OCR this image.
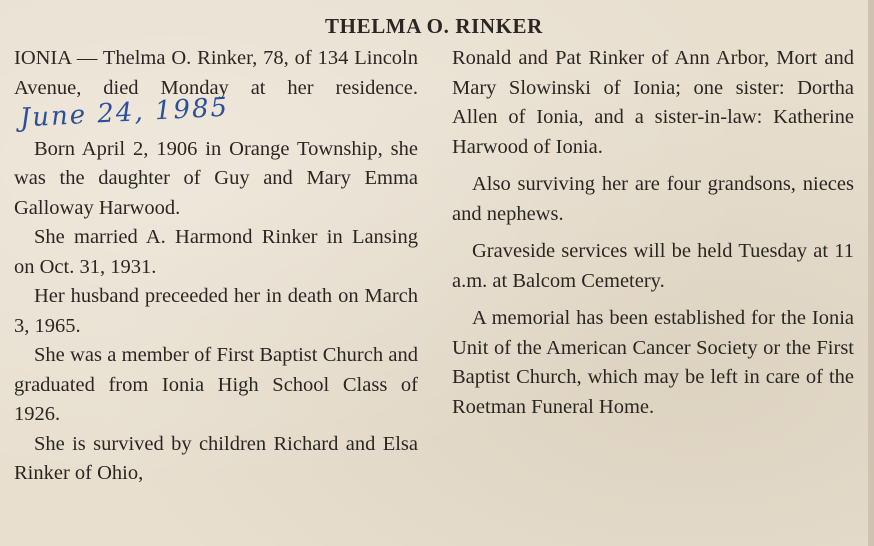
THELMA O. RINKER

IONIA — Thelma O. Rinker, 78, of 134 Lincoln Avenue, died Monday at her residence.June 24, 1985

Born April 2, 1906 in Orange Township, she was the daughter of Guy and Mary Emma Galloway Harwood.

She married A. Harmond Rinker in Lansing on Oct. 31, 1931.

Her husband preceeded her in death on March 3, 1965.

She was a member of First Baptist Church and graduated from Ionia High School Class of 1926.

She is survived by children Richard and Elsa Rinker of Ohio,

Ronald and Pat Rinker of Ann Arbor, Mort and Mary Slowinski of Ionia; one sister: Dortha Allen of Ionia, and a sister-in-law: Katherine Harwood of Ionia.

Also surviving her are four grandsons, nieces and nephews.

Graveside services will be held Tuesday at 11 a.m. at Balcom Cemetery.

A memorial has been established for the Ionia Unit of the American Cancer Society or the First Baptist Church, which may be left in care of the Roetman Funeral Home.
